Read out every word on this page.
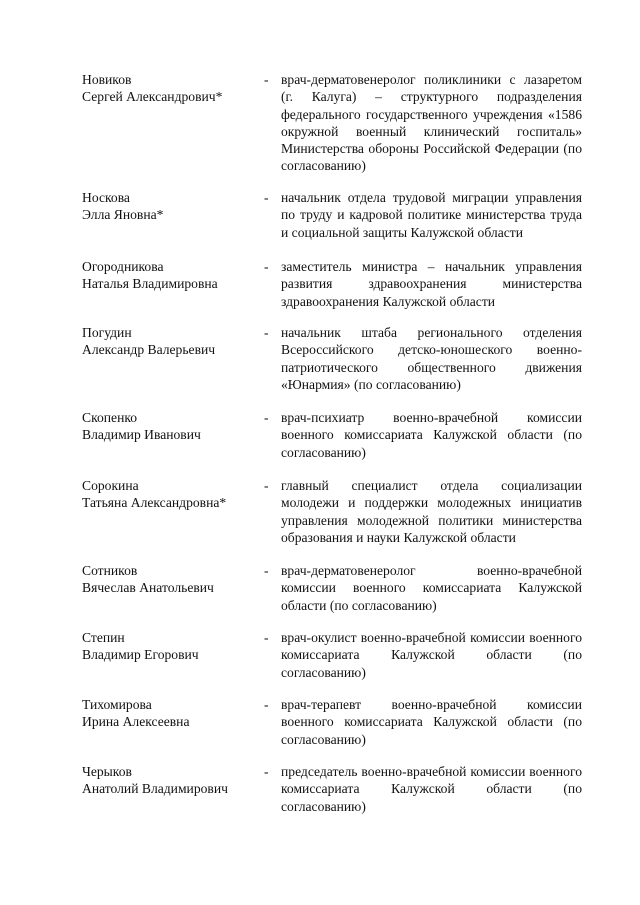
Новиков
Сергей Александрович*
- врач-дерматовенеролог поликлиники с лазаретом (г. Калуга) – структурного подразделения федерального государственного учреждения «1586 окружной военный клинический госпиталь» Министерства обороны Российской Федерации (по согласованию)
Носкова
Элла Яновна*
- начальник отдела трудовой миграции управления по труду и кадровой политике министерства труда и социальной защиты Калужской области
Огородникова
Наталья Владимировна
- заместитель министра – начальник управления развития здравоохранения министерства здравоохранения Калужской области
Погудин
Александр Валерьевич
- начальник штаба регионального отделения Всероссийского детско-юношеского военно-патриотического общественного движения «Юнармия» (по согласованию)
Скопенко
Владимир Иванович
- врач-психиатр военно-врачебной комиссии военного комиссариата Калужской области (по согласованию)
Сорокина
Татьяна Александровна*
- главный специалист отдела социализации молодежи и поддержки молодежных инициатив управления молодежной политики министерства образования и науки Калужской области
Сотников
Вячеслав Анатольевич
- врач-дерматовенеролог военно-врачебной комиссии военного комиссариата Калужской области (по согласованию)
Степин
Владимир Егорович
- врач-окулист военно-врачебной комиссии военного комиссариата Калужской области (по согласованию)
Тихомирова
Ирина Алексеевна
- врач-терапевт военно-врачебной комиссии военного комиссариата Калужской области (по согласованию)
Черыков
Анатолий Владимирович
- председатель военно-врачебной комиссии военного комиссариата Калужской области (по согласованию)
